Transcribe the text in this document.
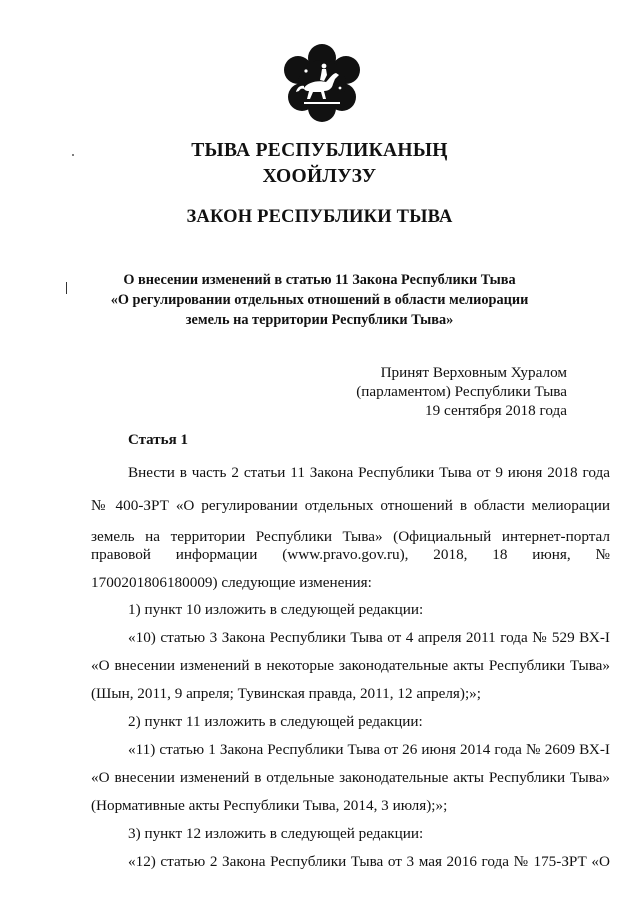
ТЫВА РЕСПУБЛИКАНЫҢ
ХООЙЛУЗУ
ЗАКОН РЕСПУБЛИКИ ТЫВА
О внесении изменений в статью 11 Закона Республики Тыва
«О регулировании отдельных отношений в области мелиорации
земель на территории Республики Тыва»
Принят Верховным Хуралом
(парламентом) Республики Тыва
19 сентября 2018 года
Статья 1
Внести в часть 2 статьи 11 Закона Республики Тыва от 9 июня 2018 года
№ 400-ЗРТ «О регулировании отдельных отношений в области мелиорации
земель на территории Республики Тыва» (Официальный интернет-портал
правовой информации (www.pravo.gov.ru), 2018, 18 июня, №
1700201806180009) следующие изменения:
1) пункт 10 изложить в следующей редакции:
«10) статью 3 Закона Республики Тыва от 4 апреля 2011 года № 529 ВХ-I
«О внесении изменений в некоторые законодательные акты Республики Тыва»
(Шын, 2011, 9 апреля; Тувинская правда, 2011, 12 апреля);»;
2) пункт 11 изложить в следующей редакции:
«11) статью 1 Закона Республики Тыва от 26 июня 2014 года № 2609 ВХ-I
«О внесении изменений в отдельные законодательные акты Республики Тыва»
(Нормативные акты Республики Тыва, 2014, 3 июля);»;
3) пункт 12 изложить в следующей редакции:
«12) статью 2 Закона Республики Тыва от 3 мая 2016 года № 175-ЗРТ «О
